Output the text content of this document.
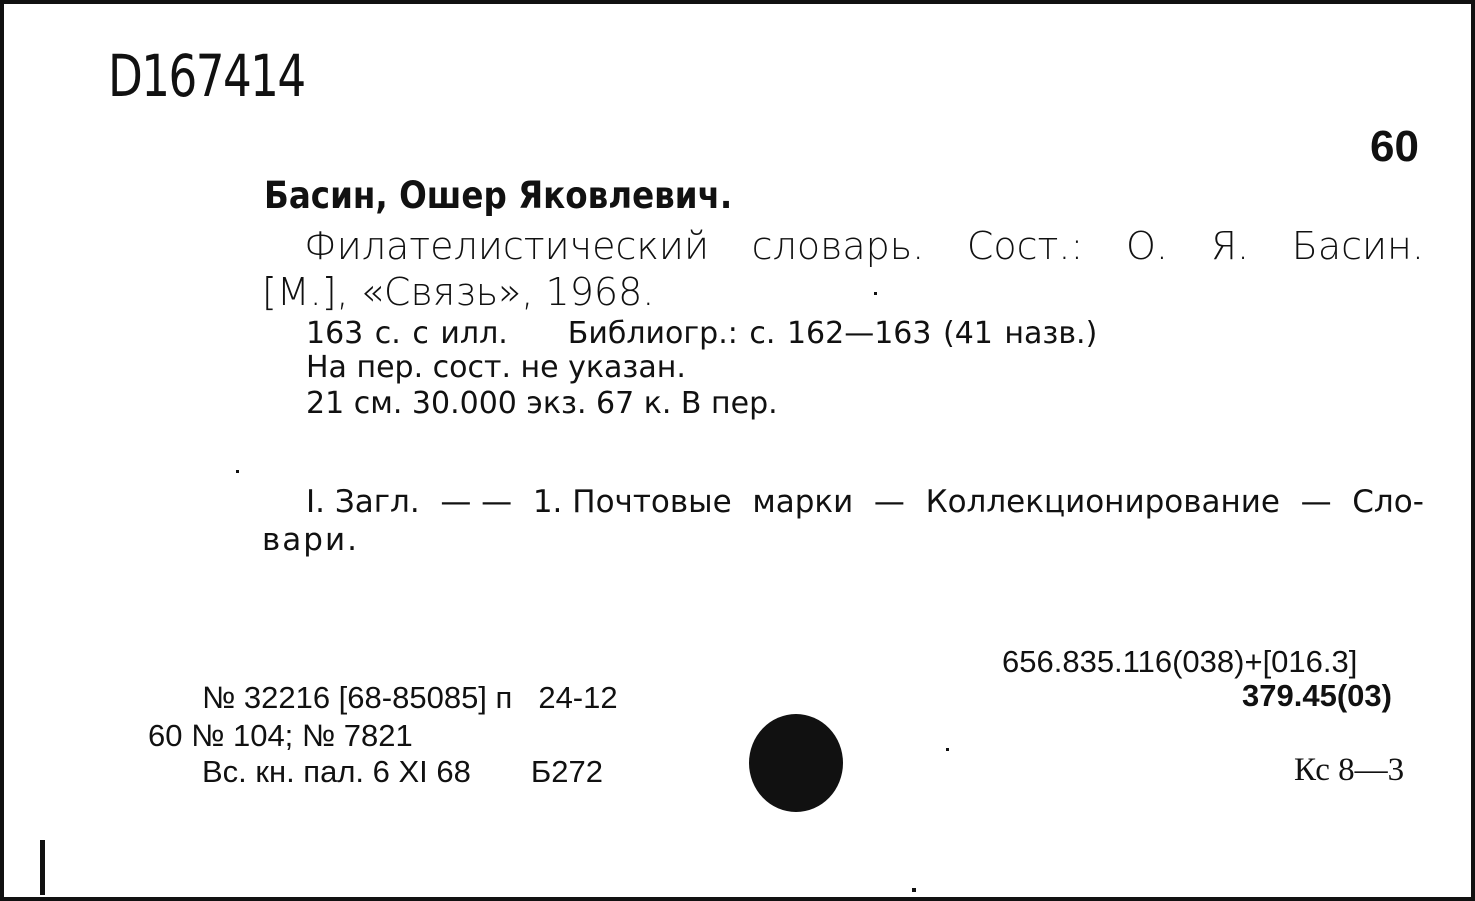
D167414
60
Басин, Ошер Яковлевич.
Филателистический словарь. Сост.: О. Я. Басин.
[М.], «Связь», 1968.
163 с. с илл. Библиогр.: с. 162—163 (41 назв.)
На пер. сост. не указан.
21 см. 30.000 экз. 67 к. В пер.
I. Загл. — — 1. Почтовые марки — Коллекционирование — Сло-
вари.
656.835.116(038)+[016.3]
379.45(03)
Кс 8—3
№ 32216 [68-85085] п 24-12
60 № 104; № 7821
Вс. кн. пал. 6 XI 68 Б272
